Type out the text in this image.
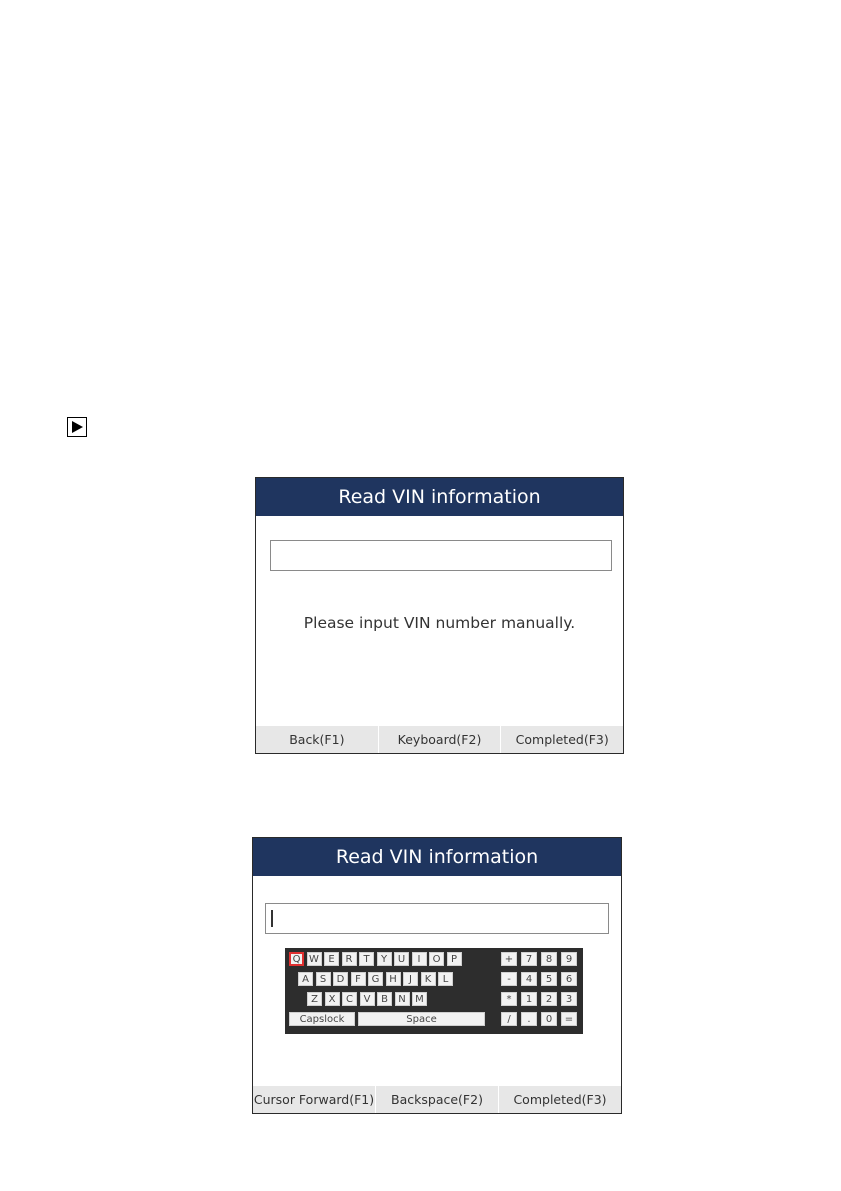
Read VIN information
Please input VIN number manually.
Back(F1)	Keyboard(F2)	Completed(F3)
Read VIN information
Q W E	R	T	Y	U	I	O	P
A	S	D	F	G H	J	K	L
Z	X	C	V	B	N M
Capslock	Space
+	7	8	9
-	4	5	6
*	1	2	3
/	.	0	=
Cursor Forward(F1)	Backspace(F2)	Completed(F3)
